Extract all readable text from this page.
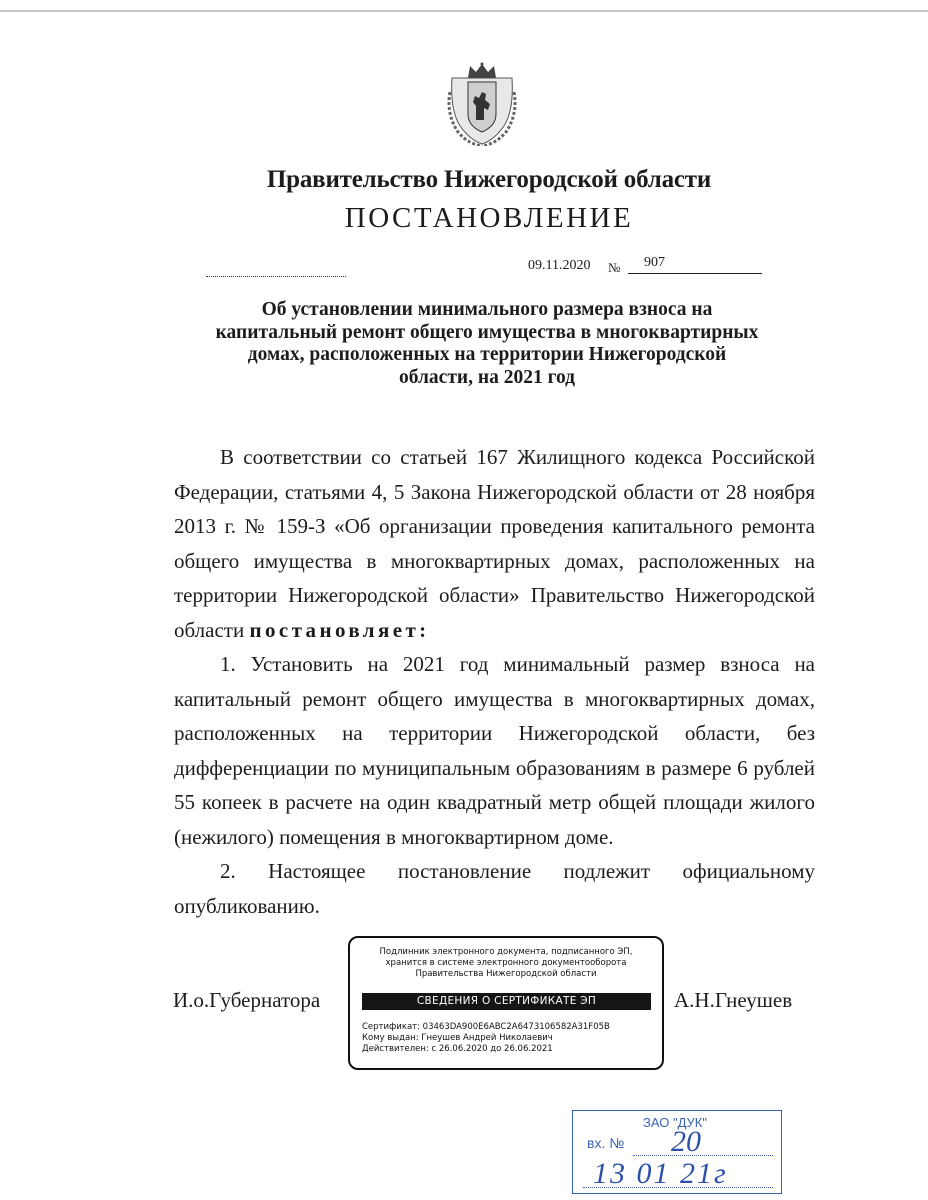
Правительство Нижегородской области
ПОСТАНОВЛЕНИЕ
09.11.2020 №	907
Об установлении минимального размера взноса на
капитальный ремонт общего имущества в многоквартирных
домах, расположенных на территории Нижегородской
области, на 2021 год

В соответствии со статьей 167 Жилищного кодекса Российской Федерации, статьями 4, 5 Закона Нижегородской области от 28 ноября 2013 г. № 159-З «Об организации проведения капитального ремонта общего имущества в многоквартирных домах, расположенных на территории Нижегородской области» Правительство Нижегородской области постановляет:

1. Установить на 2021 год минимальный размер взноса на капитальный ремонт общего имущества в многоквартирных домах, расположенных на территории Нижегородской области, без дифференциации по муниципальным образованиям в размере 6 рублей 55 копеек в расчете на один квадратный метр общей площади жилого (нежилого) помещения в многоквартирном доме.

2. Настоящее постановление подлежит официальному опубликованию.

И.о.Губернатора	А.Н.Гнеушев
Подлинник электронного документа, подписанного ЭП,
хранится в системе электронного документооборота
Правительства Нижегородской области
СВЕДЕНИЯ О СЕРТИФИКАТЕ ЭП
Сертификат: 03463DA900E6ABC2A6473106582A31F05B
Кому выдан: Гнеушев Андрей Николаевич
Действителен: с 26.06.2020 до 26.06.2021
ЗАО "ДУК"
вх. № 20
13 01 21г
